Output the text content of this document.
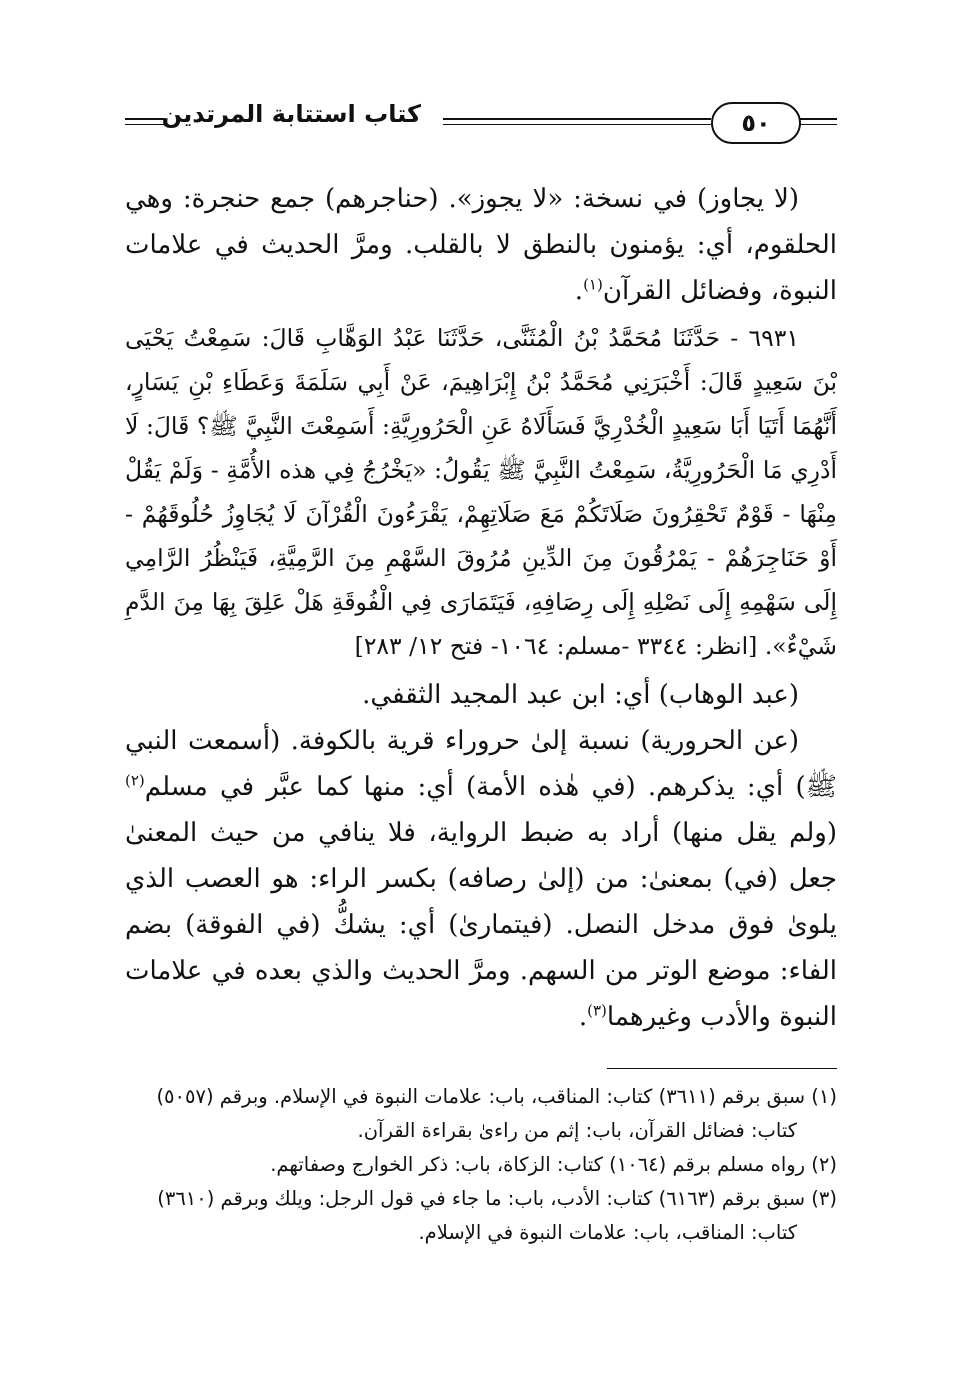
٥٠
كتاب استتابة المرتدين

(لا يجاوز) في نسخة: «لا يجوز». (حناجرهم) جمع حنجرة: وهي الحلقوم، أي: يؤمنون بالنطق لا بالقلب. ومرَّ الحديث في علامات النبوة، وفضائل القرآن$^{(١)}$.

٦٩٣١ - حَدَّثَنَا مُحَمَّدُ بْنُ الْمُثَنَّى، حَدَّثَنَا عَبْدُ الوَهَّابِ قَالَ: سَمِعْتُ يَحْيَى بْنَ سَعِيدٍ قَالَ: أَخْبَرَنِي مُحَمَّدُ بْنُ إِبْرَاهِيمَ، عَنْ أَبِي سَلَمَةَ وَعَطَاءِ بْنِ يَسَارٍ، أَنَّهُمَا أَتَيَا أَبَا سَعِيدٍ الْخُدْرِيَّ فَسَأَلَاهُ عَنِ الْحَرُورِيَّةِ: أَسَمِعْتَ النَّبِيَّ ﷺ؟ قَالَ: لَا أَدْرِي مَا الْحَرُورِيَّةُ، سَمِعْتُ النَّبِيَّ ﷺ يَقُولُ: «يَخْرُجُ فِي هذه الأُمَّةِ - وَلَمْ يَقُلْ مِنْهَا - قَوْمٌ تَحْقِرُونَ صَلَاتَكُمْ مَعَ صَلَاتِهِمْ، يَقْرَءُونَ الْقُرْآنَ لَا يُجَاوِزُ حُلُوقَهُمْ - أَوْ حَنَاجِرَهُمْ - يَمْرُقُونَ مِنَ الدِّينِ مُرُوقَ السَّهْمِ مِنَ الرَّمِيَّةِ، فَيَنْظُرُ الرَّامِي إِلَى سَهْمِهِ إِلَى نَصْلِهِ إِلَى رِصَافِهِ، فَيَتَمَارَى فِي الْفُوقَةِ هَلْ عَلِقَ بِهَا مِنَ الدَّمِ شَيْءٌ». [انظر: ٣٣٤٤ -مسلم: ١٠٦٤- فتح ١٢/ ٢٨٣]

(عبد الوهاب) أي: ابن عبد المجيد الثقفي.

(عن الحرورية) نسبة إلىٰ حروراء قرية بالكوفة. (أسمعت النبي ﷺ) أي: يذكرهم. (في هٰذه الأمة) أي: منها كما عبَّر في مسلم$^{(٢)}$ (ولم يقل منها) أراد به ضبط الرواية، فلا ينافي من حيث المعنىٰ جعل (في) بمعنىٰ: من (إلىٰ رصافه) بكسر الراء: هو العصب الذي يلوىٰ فوق مدخل النصل. (فيتمارىٰ) أي: يشكُّ (في الفوقة) بضم الفاء: موضع الوتر من السهم. ومرَّ الحديث والذي بعده في علامات النبوة والأدب وغيرهما$^{(٣)}$.

(١) سبق برقم (٣٦١١) كتاب: المناقب، باب: علامات النبوة في الإسلام. وبرقم (٥٠٥٧) كتاب: فضائل القرآن، باب: إثم من راءىٰ بقراءة القرآن.

(٢) رواه مسلم برقم (١٠٦٤) كتاب: الزكاة، باب: ذكر الخوارج وصفاتهم.

(٣) سبق برقم (٦١٦٣) كتاب: الأدب، باب: ما جاء في قول الرجل: ويلك وبرقم (٣٦١٠) كتاب: المناقب، باب: علامات النبوة في الإسلام.
